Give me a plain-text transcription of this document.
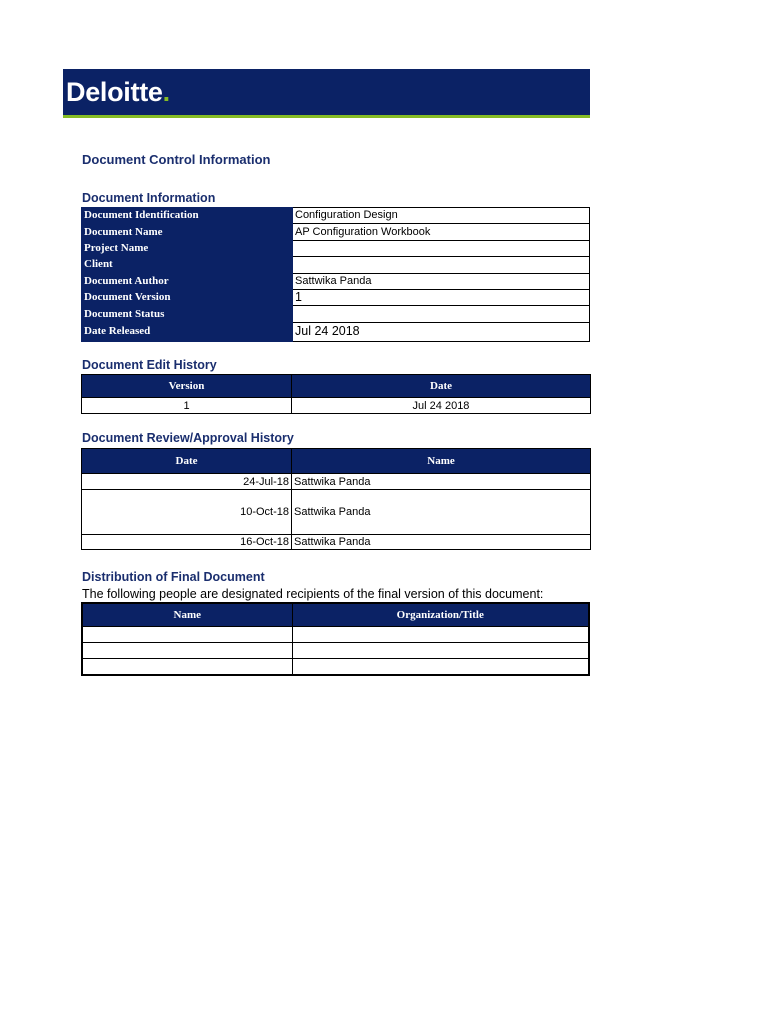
Deloitte.
Document Control Information
Document Information
Document Identification	Configuration Design
Document Name	AP Configuration Workbook
Project Name	
Client	
Document Author	Sattwika Panda
Document Version	1
Document Status	
Date Released	Jul 24 2018
Document Edit History
Version	Date
1	Jul 24 2018
Document Review/Approval History
Date	Name
24-Jul-18	Sattwika Panda
10-Oct-18	Sattwika Panda
16-Oct-18	Sattwika Panda
Distribution of Final Document
The following people are designated recipients of the final version of this document:
Name	Organization/Title
